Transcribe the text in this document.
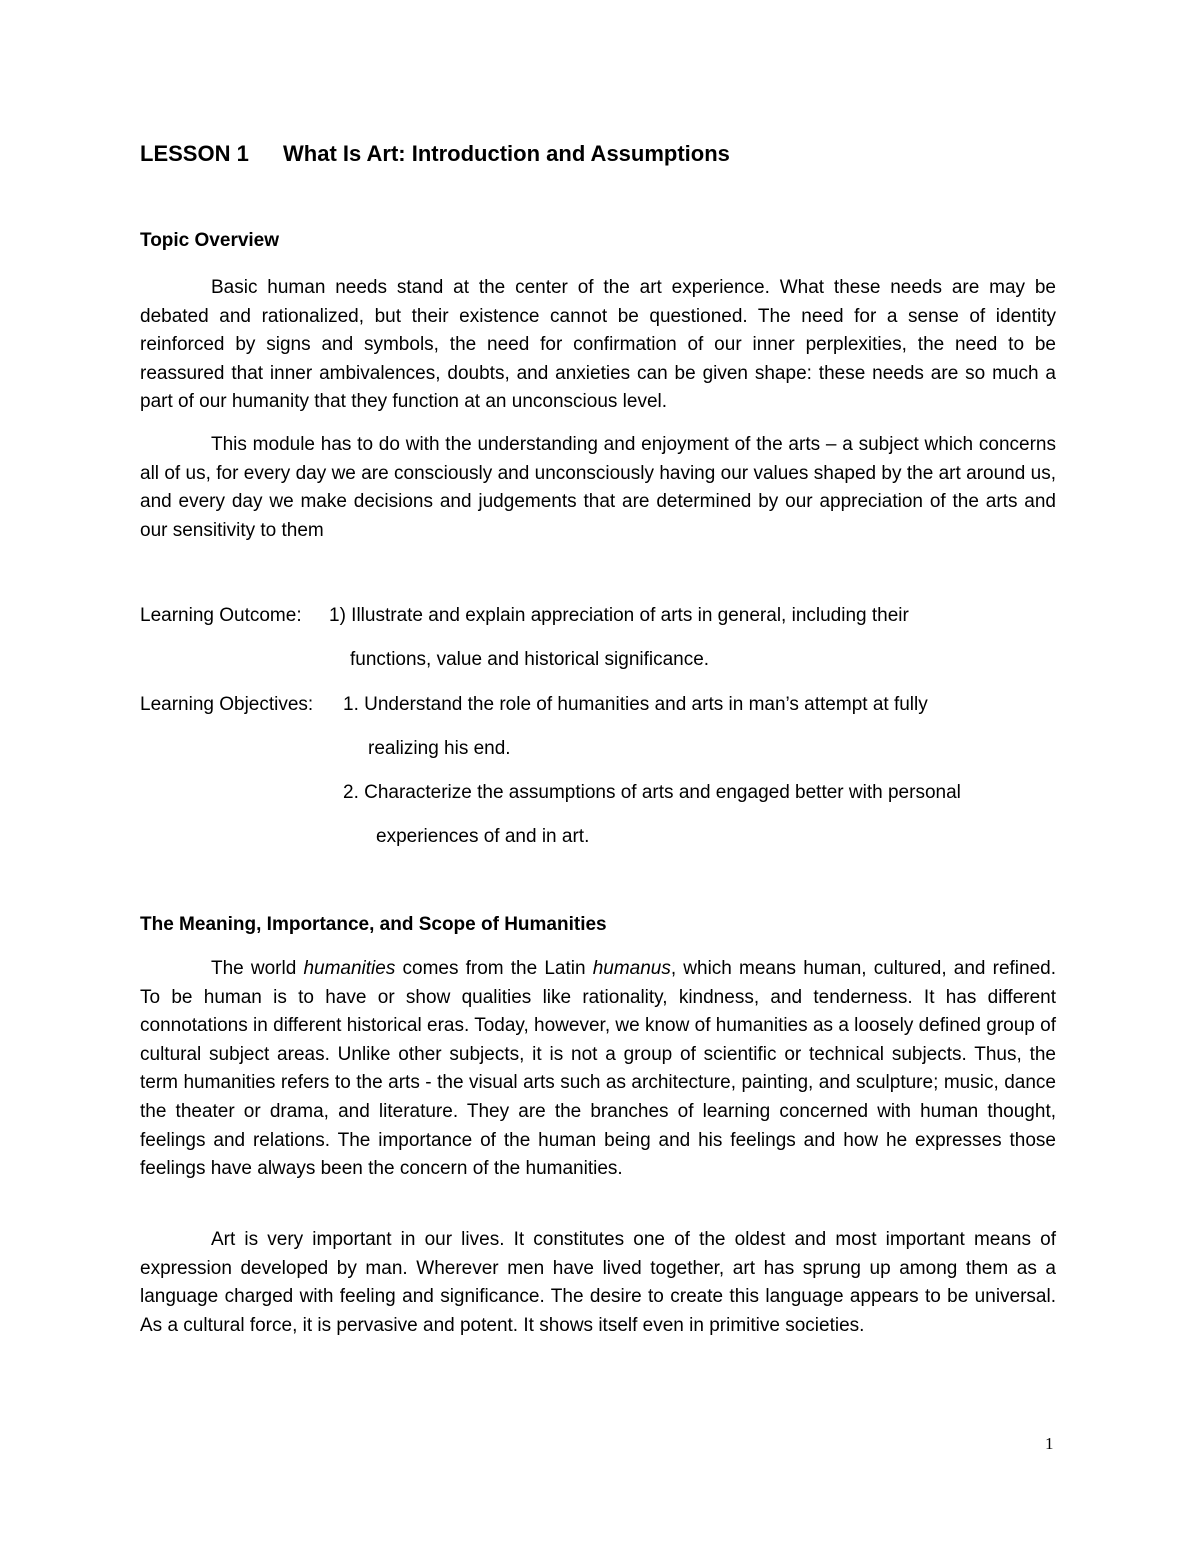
LESSON 1 What Is Art: Introduction and Assumptions
Topic Overview

Basic human needs stand at the center of the art experience. What these needs are may be debated and rationalized, but their existence cannot be questioned. The need for a sense of identity reinforced by signs and symbols, the need for confirmation of our inner perplexities, the need to be reassured that inner ambivalences, doubts, and anxieties can be given shape: these needs are so much a part of our humanity that they function at an unconscious level.

This module has to do with the understanding and enjoyment of the arts – a subject which concerns all of us, for every day we are consciously and unconsciously having our values shaped by the art around us, and every day we make decisions and judgements that are determined by our appreciation of the arts and our sensitivity to them

Learning Outcome: 1) Illustrate and explain appreciation of arts in general, including their

functions, value and historical significance.

Learning Objectives: 1. Understand the role of humanities and arts in man’s attempt at fully

realizing his end.

2. Characterize the assumptions of arts and engaged better with personal

experiences of and in art.

The Meaning, Importance, and Scope of Humanities

The world humanities comes from the Latin humanus, which means human, cultured, and refined. To be human is to have or show qualities like rationality, kindness, and tenderness. It has different connotations in different historical eras. Today, however, we know of humanities as a loosely defined group of cultural subject areas. Unlike other subjects, it is not a group of scientific or technical subjects. Thus, the term humanities refers to the arts - the visual arts such as architecture, painting, and sculpture; music, dance the theater or drama, and literature. They are the branches of learning concerned with human thought, feelings and relations. The importance of the human being and his feelings and how he expresses those feelings have always been the concern of the humanities.

Art is very important in our lives. It constitutes one of the oldest and most important means of expression developed by man. Wherever men have lived together, art has sprung up among them as a language charged with feeling and significance. The desire to create this language appears to be universal. As a cultural force, it is pervasive and potent. It shows itself even in primitive societies.

1
